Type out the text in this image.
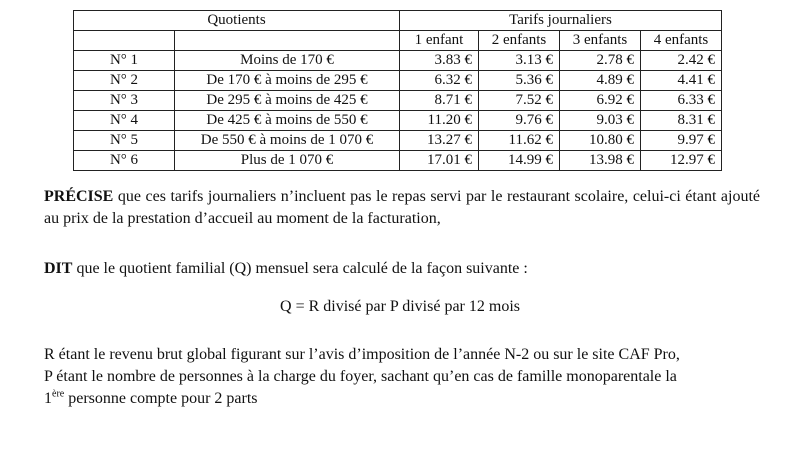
Quotients		Tarifs journaliers			
		1 enfant	2 enfants	3 enfants	4 enfants
N° 1	Moins de 170 €	3.83 €	3.13 €	2.78 €	2.42 €
N° 2	De 170 € à moins de 295 €	6.32 €	5.36 €	4.89 €	4.41 €
N° 3	De 295 € à moins de 425 €	8.71 €	7.52 €	6.92 €	6.33 €
N° 4	De 425 € à moins de 550 €	11.20 €	9.76 €	9.03 €	8.31 €
N° 5	De 550 € à moins de 1 070 €	13.27 €	11.62 €	10.80 €	9.97 €
N° 6	Plus de 1 070 €	17.01 €	14.99 €	13.98 €	12.97 €

PRÉCISE que ces tarifs journaliers n’incluent pas le repas servi par le restaurant scolaire, celui-ci étant ajouté au prix de la prestation d’accueil au moment de la facturation,

DIT que le quotient familial (Q) mensuel sera calculé de la façon suivante :

Q = R divisé par P divisé par 12 mois

R étant le revenu brut global figurant sur l’avis d’imposition de l’année N-2 ou sur le site CAF Pro,
P étant le nombre de personnes à la charge du foyer, sachant qu’en cas de famille monoparentale la
1ère personne compte pour 2 parts
